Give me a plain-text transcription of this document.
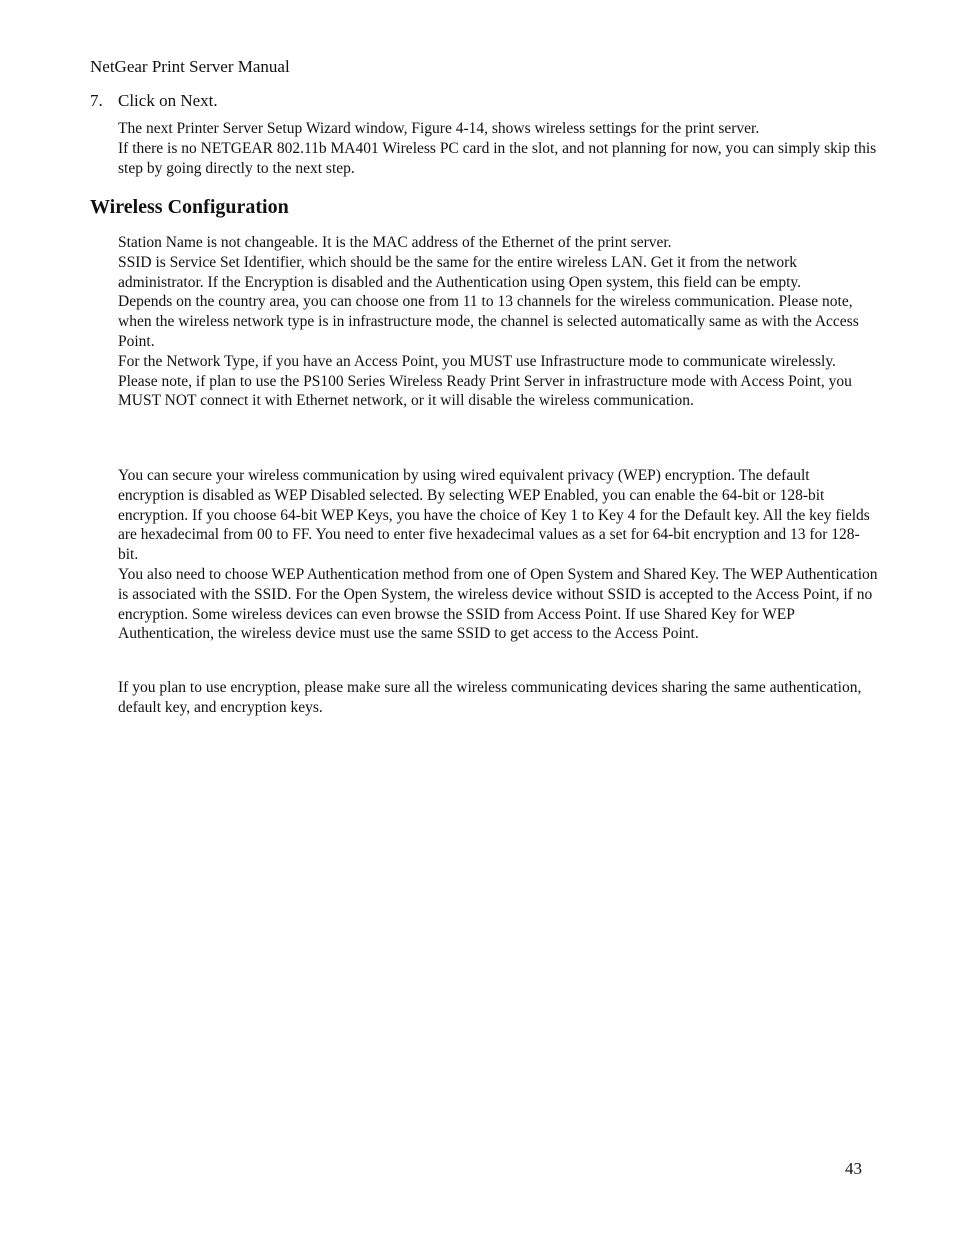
NetGear Print Server Manual
7. Click on Next.

The next Printer Server Setup Wizard window, Figure 4-14, shows wireless settings for the print server.

If there is no NETGEAR 802.11b MA401 Wireless PC card in the slot, and not planning for now, you can simply skip this step by going directly to the next step.

Wireless Configuration

Station Name is not changeable. It is the MAC address of the Ethernet of the print server.

SSID is Service Set Identifier, which should be the same for the entire wireless LAN. Get it from the network administrator. If the Encryption is disabled and the Authentication using Open system, this field can be empty.

Depends on the country area, you can choose one from 11 to 13 channels for the wireless communication. Please note, when the wireless network type is in infrastructure mode, the channel is selected automatically same as with the Access Point.

For the Network Type, if you have an Access Point, you MUST use Infrastructure mode to communicate wirelessly. Please note, if plan to use the PS100 Series Wireless Ready Print Server in infrastructure mode with Access Point, you MUST NOT connect it with Ethernet network, or it will disable the wireless communication.

You can secure your wireless communication by using wired equivalent privacy (WEP) encryption. The default encryption is disabled as WEP Disabled selected. By selecting WEP Enabled, you can enable the 64-bit or 128-bit encryption. If you choose 64-bit WEP Keys, you have the choice of Key 1 to Key 4 for the Default key. All the key fields are hexadecimal from 00 to FF. You need to enter five hexadecimal values as a set for 64-bit encryption and 13 for 128-bit.

You also need to choose WEP Authentication method from one of Open System and Shared Key. The WEP Authentication is associated with the SSID. For the Open System, the wireless device without SSID is accepted to the Access Point, if no encryption. Some wireless devices can even browse the SSID from Access Point. If use Shared Key for WEP Authentication, the wireless device must use the same SSID to get access to the Access Point.

If you plan to use encryption, please make sure all the wireless communicating devices sharing the same authentication, default key, and encryption keys.

43
